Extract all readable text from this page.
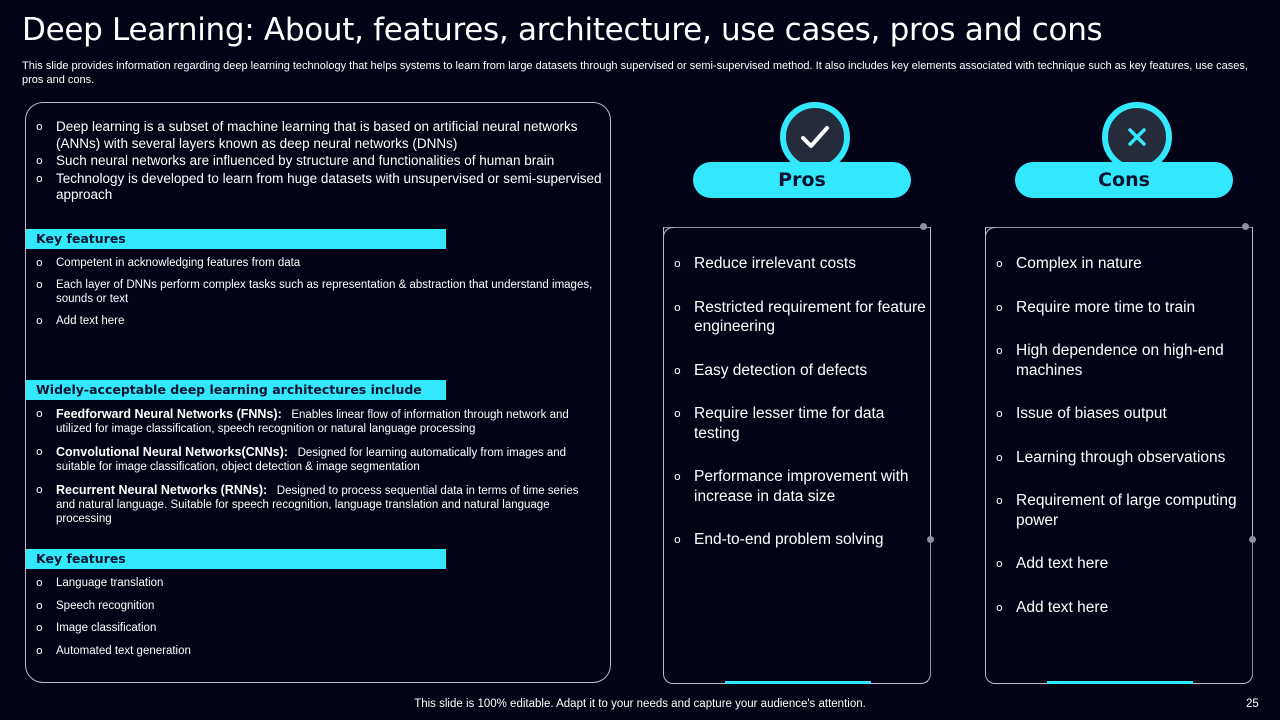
Deep Learning: About, features, architecture, use cases, pros and cons

This slide provides information regarding deep learning technology that helps systems to learn from large datasets through supervised or semi-supervised method. It also includes key elements associated with technique such as key features, use cases, pros and cons.

o Deep learning is a subset of machine learning that is based on artificial neural networks (ANNs) with several layers known as deep neural networks (DNNs)
o Such neural networks are influenced by structure and functionalities of human brain
o Technology is developed to learn from huge datasets with unsupervised or semi-supervised approach
Key features
o Competent in acknowledging features from data
o Each layer of DNNs perform complex tasks such as representation & abstraction that understand images, sounds or text
o Add text here
Widely-acceptable deep learning architectures include
o Feedforward Neural Networks (FNNs): Enables linear flow of information through network and utilized for image classification, speech recognition or natural language processing
o Convolutional Neural Networks(CNNs): Designed for learning automatically from images and suitable for image classification, object detection & image segmentation
o Recurrent Neural Networks (RNNs): Designed to process sequential data in terms of time series and natural language. Suitable for speech recognition, language translation and natural language processing
Key features
o Language translation
o Speech recognition
o Image classification
o Automated text generation
Pros
o Reduce irrelevant costs
o Restricted requirement for feature engineering
o Easy detection of defects
o Require lesser time for data testing
o Performance improvement with increase in data size
o End-to-end problem solving
Cons
o Complex in nature
o Require more time to train
o High dependence on high-end machines
o Issue of biases output
o Learning through observations
o Requirement of large computing power
o Add text here
o Add text here
This slide is 100% editable. Adapt it to your needs and capture your audience's attention.	25
